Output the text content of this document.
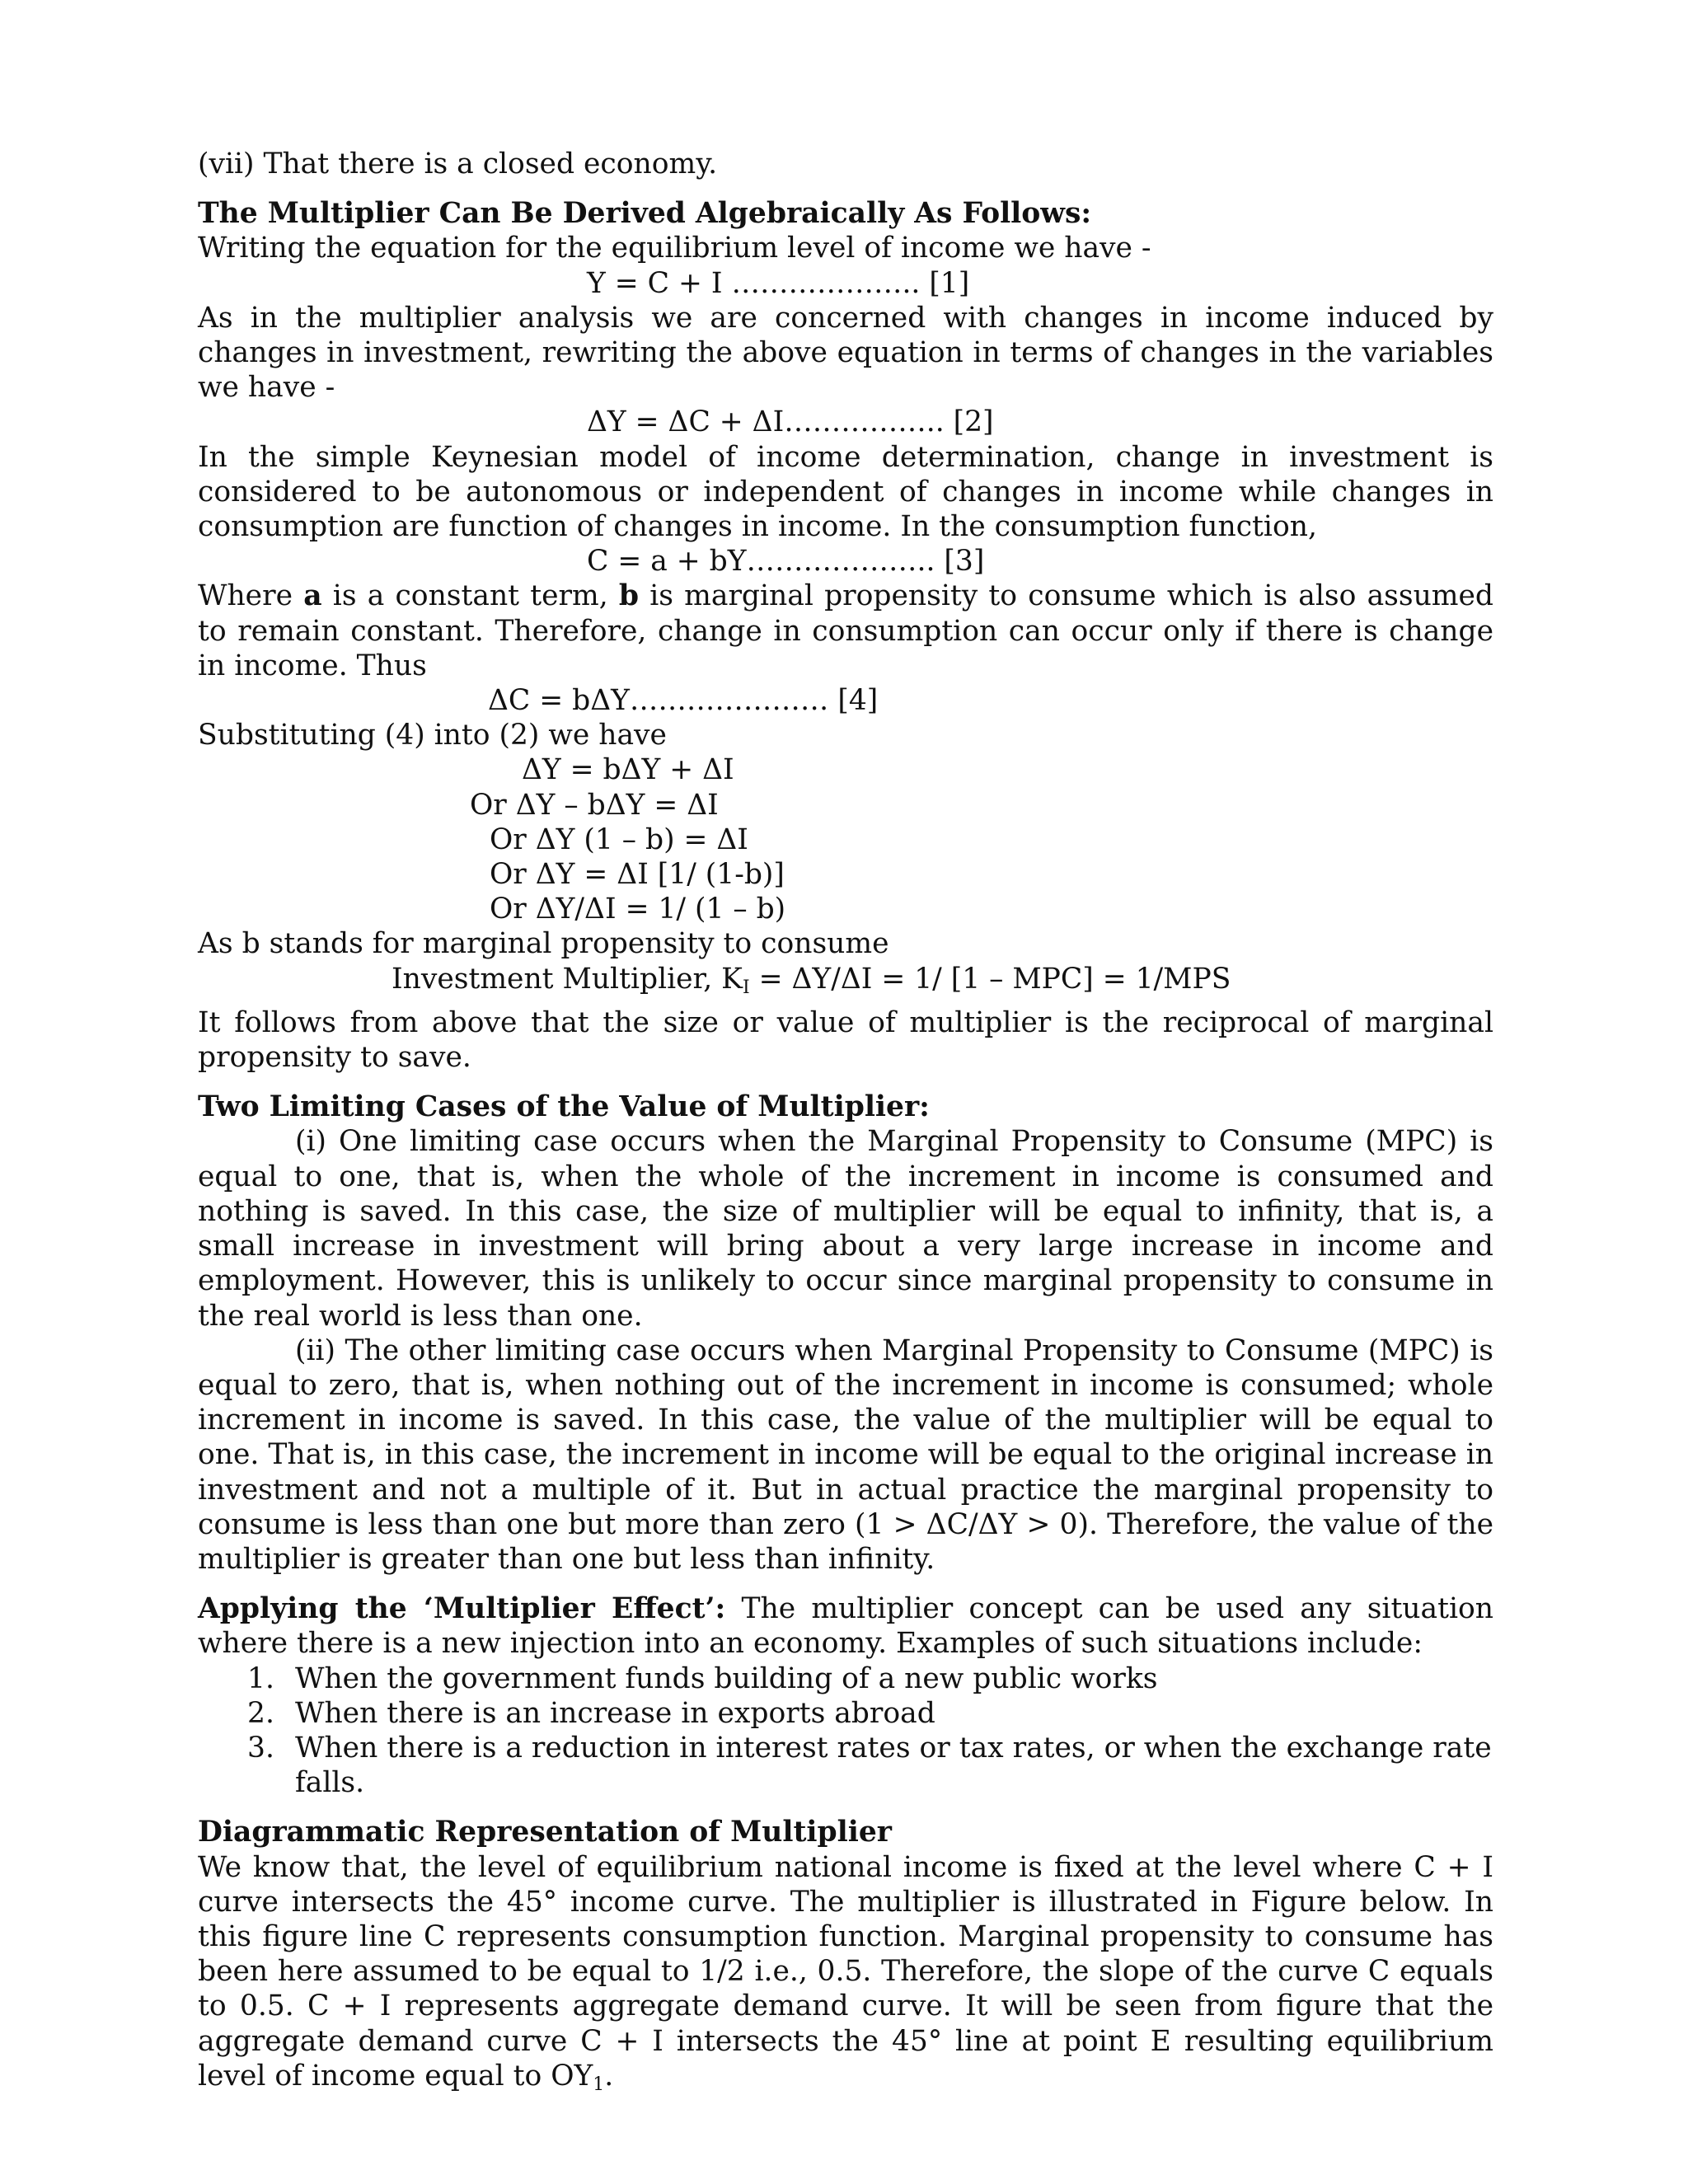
(vii) That there is a closed economy.

The Multiplier Can Be Derived Algebraically As Follows:

Writing the equation for the equilibrium level of income we have -

Y = C + I ……………….. [1]

As in the multiplier analysis we are concerned with changes in income induced by changes in investment, rewriting the above equation in terms of changes in the variables we have -

ΔY = ΔC + ΔI…………….. [2]

In the simple Keynesian model of income determination, change in investment is considered to be autonomous or independent of changes in income while changes in consumption are function of changes in income. In the consumption function,

C = a + bY……………….. [3]

Where a is a constant term, b is marginal propensity to consume which is also assumed to remain constant. Therefore, change in consumption can occur only if there is change in income. Thus

ΔC = bΔY………………… [4]

Substituting (4) into (2) we have

ΔY = bΔY + ΔI

Or ΔY – bΔY = ΔI

Or ΔY (1 – b) = ΔI

Or ΔY = ΔI [1/ (1-b)]

Or ΔY/ΔI = 1/ (1 – b)

As b stands for marginal propensity to consume

Investment Multiplier, $K_I = \Delta Y/\Delta I = 1/$ [1 – MPC] = 1/MPS

It follows from above that the size or value of multiplier is the reciprocal of marginal propensity to save.

Two Limiting Cases of the Value of Multiplier:

(i) One limiting case occurs when the Marginal Propensity to Consume (MPC) is equal to one, that is, when the whole of the increment in income is consumed and nothing is saved. In this case, the size of multiplier will be equal to infinity, that is, a small increase in investment will bring about a very large increase in income and employment. However, this is unlikely to occur since marginal propensity to consume in the real world is less than one.

(ii) The other limiting case occurs when Marginal Propensity to Consume (MPC) is equal to zero, that is, when nothing out of the increment in income is consumed; whole increment in income is saved. In this case, the value of the multiplier will be equal to one. That is, in this case, the increment in income will be equal to the original increase in investment and not a multiple of it. But in actual practice the marginal propensity to consume is less than one but more than zero (1 > ΔC/ΔY > 0). Therefore, the value of the multiplier is greater than one but less than infinity.

Applying the ‘Multiplier Effect’: The multiplier concept can be used any situation where there is a new injection into an economy. Examples of such situations include:

1. When the government funds building of a new public works
2. When there is an increase in exports abroad
3. When there is a reduction in interest rates or tax rates, or when the exchange rate falls.

Diagrammatic Representation of Multiplier

We know that, the level of equilibrium national income is fixed at the level where C + I curve intersects the 45° income curve. The multiplier is illustrated in Figure below. In this figure line C represents consumption function. Marginal propensity to consume has been here assumed to be equal to 1/2 i.e., 0.5. Therefore, the slope of the curve C equals to 0.5. C + I represents aggregate demand curve. It will be seen from figure that the aggregate demand curve C + I intersects the 45° line at point E resulting equilibrium level of income equal to $OY_1$.
